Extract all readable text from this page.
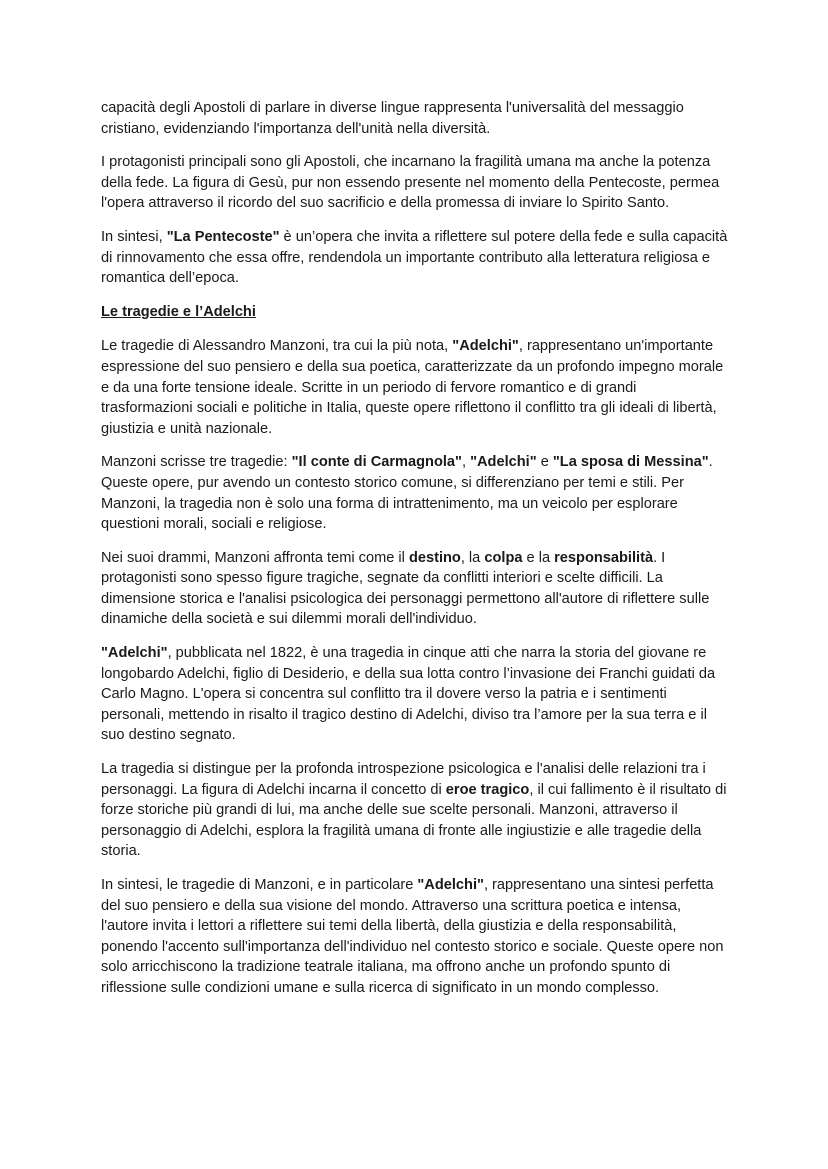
capacità degli Apostoli di parlare in diverse lingue rappresenta l'universalità del messaggio cristiano, evidenziando l'importanza dell'unità nella diversità.

I protagonisti principali sono gli Apostoli, che incarnano la fragilità umana ma anche la potenza della fede. La figura di Gesù, pur non essendo presente nel momento della Pentecoste, permea l'opera attraverso il ricordo del suo sacrificio e della promessa di inviare lo Spirito Santo.

In sintesi, "La Pentecoste" è un’opera che invita a riflettere sul potere della fede e sulla capacità di rinnovamento che essa offre, rendendola un importante contributo alla letteratura religiosa e romantica dell’epoca.

Le tragedie e l’Adelchi

Le tragedie di Alessandro Manzoni, tra cui la più nota, "Adelchi", rappresentano un'importante espressione del suo pensiero e della sua poetica, caratterizzate da un profondo impegno morale e da una forte tensione ideale. Scritte in un periodo di fervore romantico e di grandi trasformazioni sociali e politiche in Italia, queste opere riflettono il conflitto tra gli ideali di libertà, giustizia e unità nazionale.

Manzoni scrisse tre tragedie: "Il conte di Carmagnola", "Adelchi" e "La sposa di Messina". Queste opere, pur avendo un contesto storico comune, si differenziano per temi e stili. Per Manzoni, la tragedia non è solo una forma di intrattenimento, ma un veicolo per esplorare questioni morali, sociali e religiose.

Nei suoi drammi, Manzoni affronta temi come il destino, la colpa e la responsabilità. I protagonisti sono spesso figure tragiche, segnate da conflitti interiori e scelte difficili. La dimensione storica e l'analisi psicologica dei personaggi permettono all'autore di riflettere sulle dinamiche della società e sui dilemmi morali dell'individuo.

"Adelchi", pubblicata nel 1822, è una tragedia in cinque atti che narra la storia del giovane re longobardo Adelchi, figlio di Desiderio, e della sua lotta contro l’invasione dei Franchi guidati da Carlo Magno. L'opera si concentra sul conflitto tra il dovere verso la patria e i sentimenti personali, mettendo in risalto il tragico destino di Adelchi, diviso tra l’amore per la sua terra e il suo destino segnato.

La tragedia si distingue per la profonda introspezione psicologica e l'analisi delle relazioni tra i personaggi. La figura di Adelchi incarna il concetto di eroe tragico, il cui fallimento è il risultato di forze storiche più grandi di lui, ma anche delle sue scelte personali. Manzoni, attraverso il personaggio di Adelchi, esplora la fragilità umana di fronte alle ingiustizie e alle tragedie della storia.

In sintesi, le tragedie di Manzoni, e in particolare "Adelchi", rappresentano una sintesi perfetta del suo pensiero e della sua visione del mondo. Attraverso una scrittura poetica e intensa, l'autore invita i lettori a riflettere sui temi della libertà, della giustizia e della responsabilità, ponendo l'accento sull'importanza dell'individuo nel contesto storico e sociale. Queste opere non solo arricchiscono la tradizione teatrale italiana, ma offrono anche un profondo spunto di riflessione sulle condizioni umane e sulla ricerca di significato in un mondo complesso.
